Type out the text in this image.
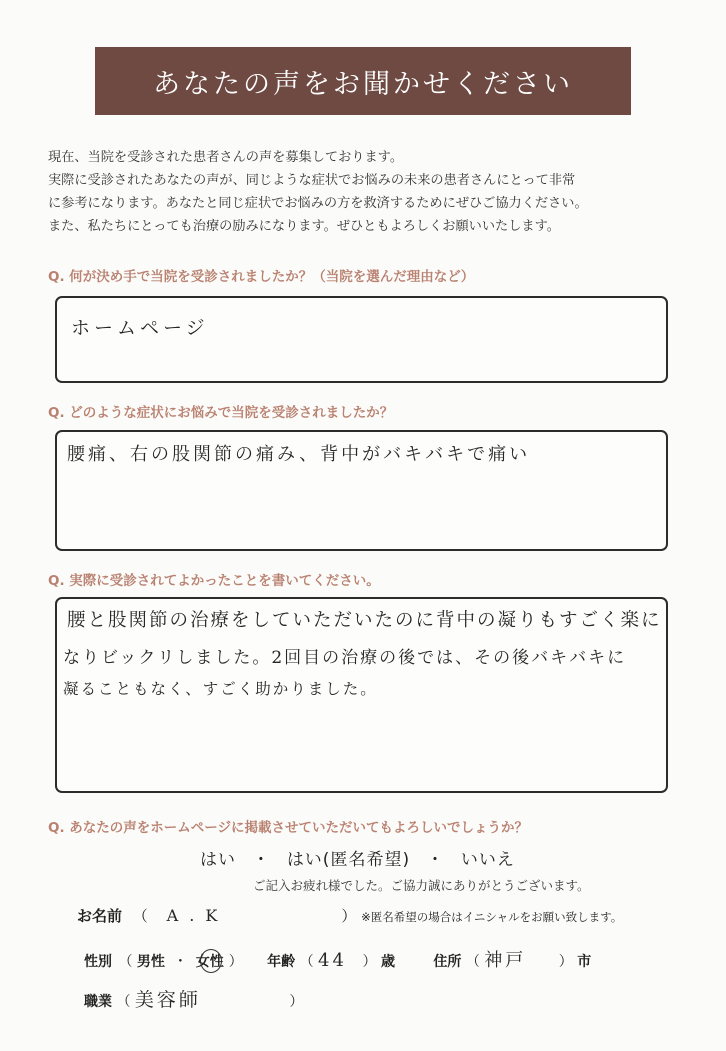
あなたの声をお聞かせください
現在、当院を受診された患者さんの声を募集しております。
実際に受診されたあなたの声が、同じような症状でお悩みの未来の患者さんにとって非常
に参考になります。あなたと同じ症状でお悩みの方を救済するためにぜひご協力ください。
また、私たちにとっても治療の励みになります。ぜひともよろしくお願いいたします。
Q. 何が決め手で当院を受診されましたか？（当院を選んだ理由など）
ホームページ
Q. どのような症状にお悩みで当院を受診されましたか？
腰痛、右の股関節の痛み、背中がバキバキで痛い
Q. 実際に受診されてよかったことを書いてください。
腰と股関節の治療をしていただいたのに背中の凝りもすごく楽に
なりビックリしました。2回目の治療の後では、その後バキバキに
凝ることもなく、すごく助かりました。
Q. あなたの声をホームページに掲載させていただいてもよろしいでしょうか？
はい ・ はい(匿名希望) ・ いいえ
ご記入お疲れ様でした。ご協力誠にありがとうございます。
お名前 （ A . K	） ※匿名希望の場合はイニシャルをお願い致します。
性別 （ 男性 ・ 女性 ） 年齢 （ 44 ） 歳	住所 （ 神戸 ） 市
職業 （ 美容師	）
